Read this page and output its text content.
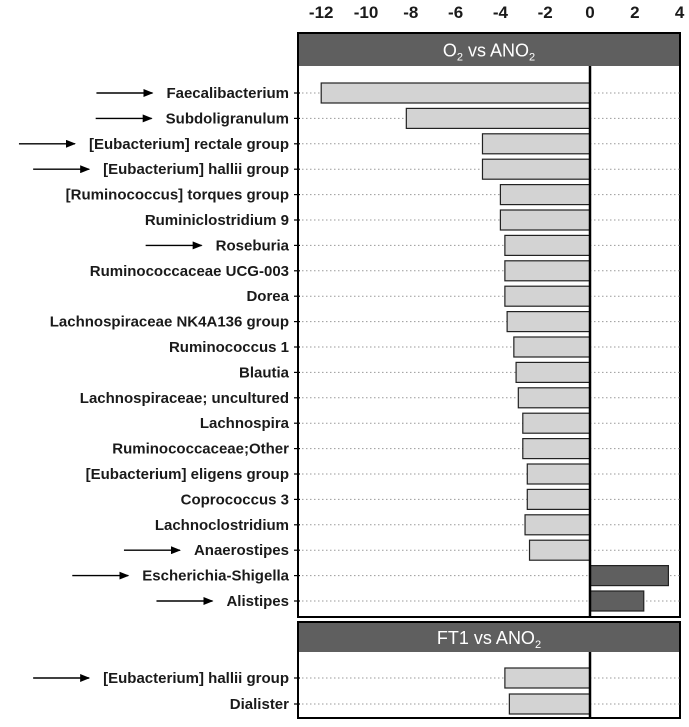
-12 -10 -8 -6 -4 -2 0 2 4
$O_2$ vs $ANO_2$
Faecalibacterium
Subdoligranulum
[Eubacterium] rectale group
[Eubacterium] hallii group
[Ruminococcus] torques group
Ruminiclostridium 9
Roseburia
Ruminococcaceae UCG-003
Dorea
Lachnospiraceae NK4A136 group
Ruminococcus 1
Blautia
Lachnospiraceae; uncultured
Lachnospira
Ruminococcaceae;Other
[Eubacterium] eligens group
Coprococcus 3
Lachnoclostridium
Anaerostipes
Escherichia-Shigella
Alistipes
FT1 vs $ANO_2$
[Eubacterium] hallii group
Dialister
